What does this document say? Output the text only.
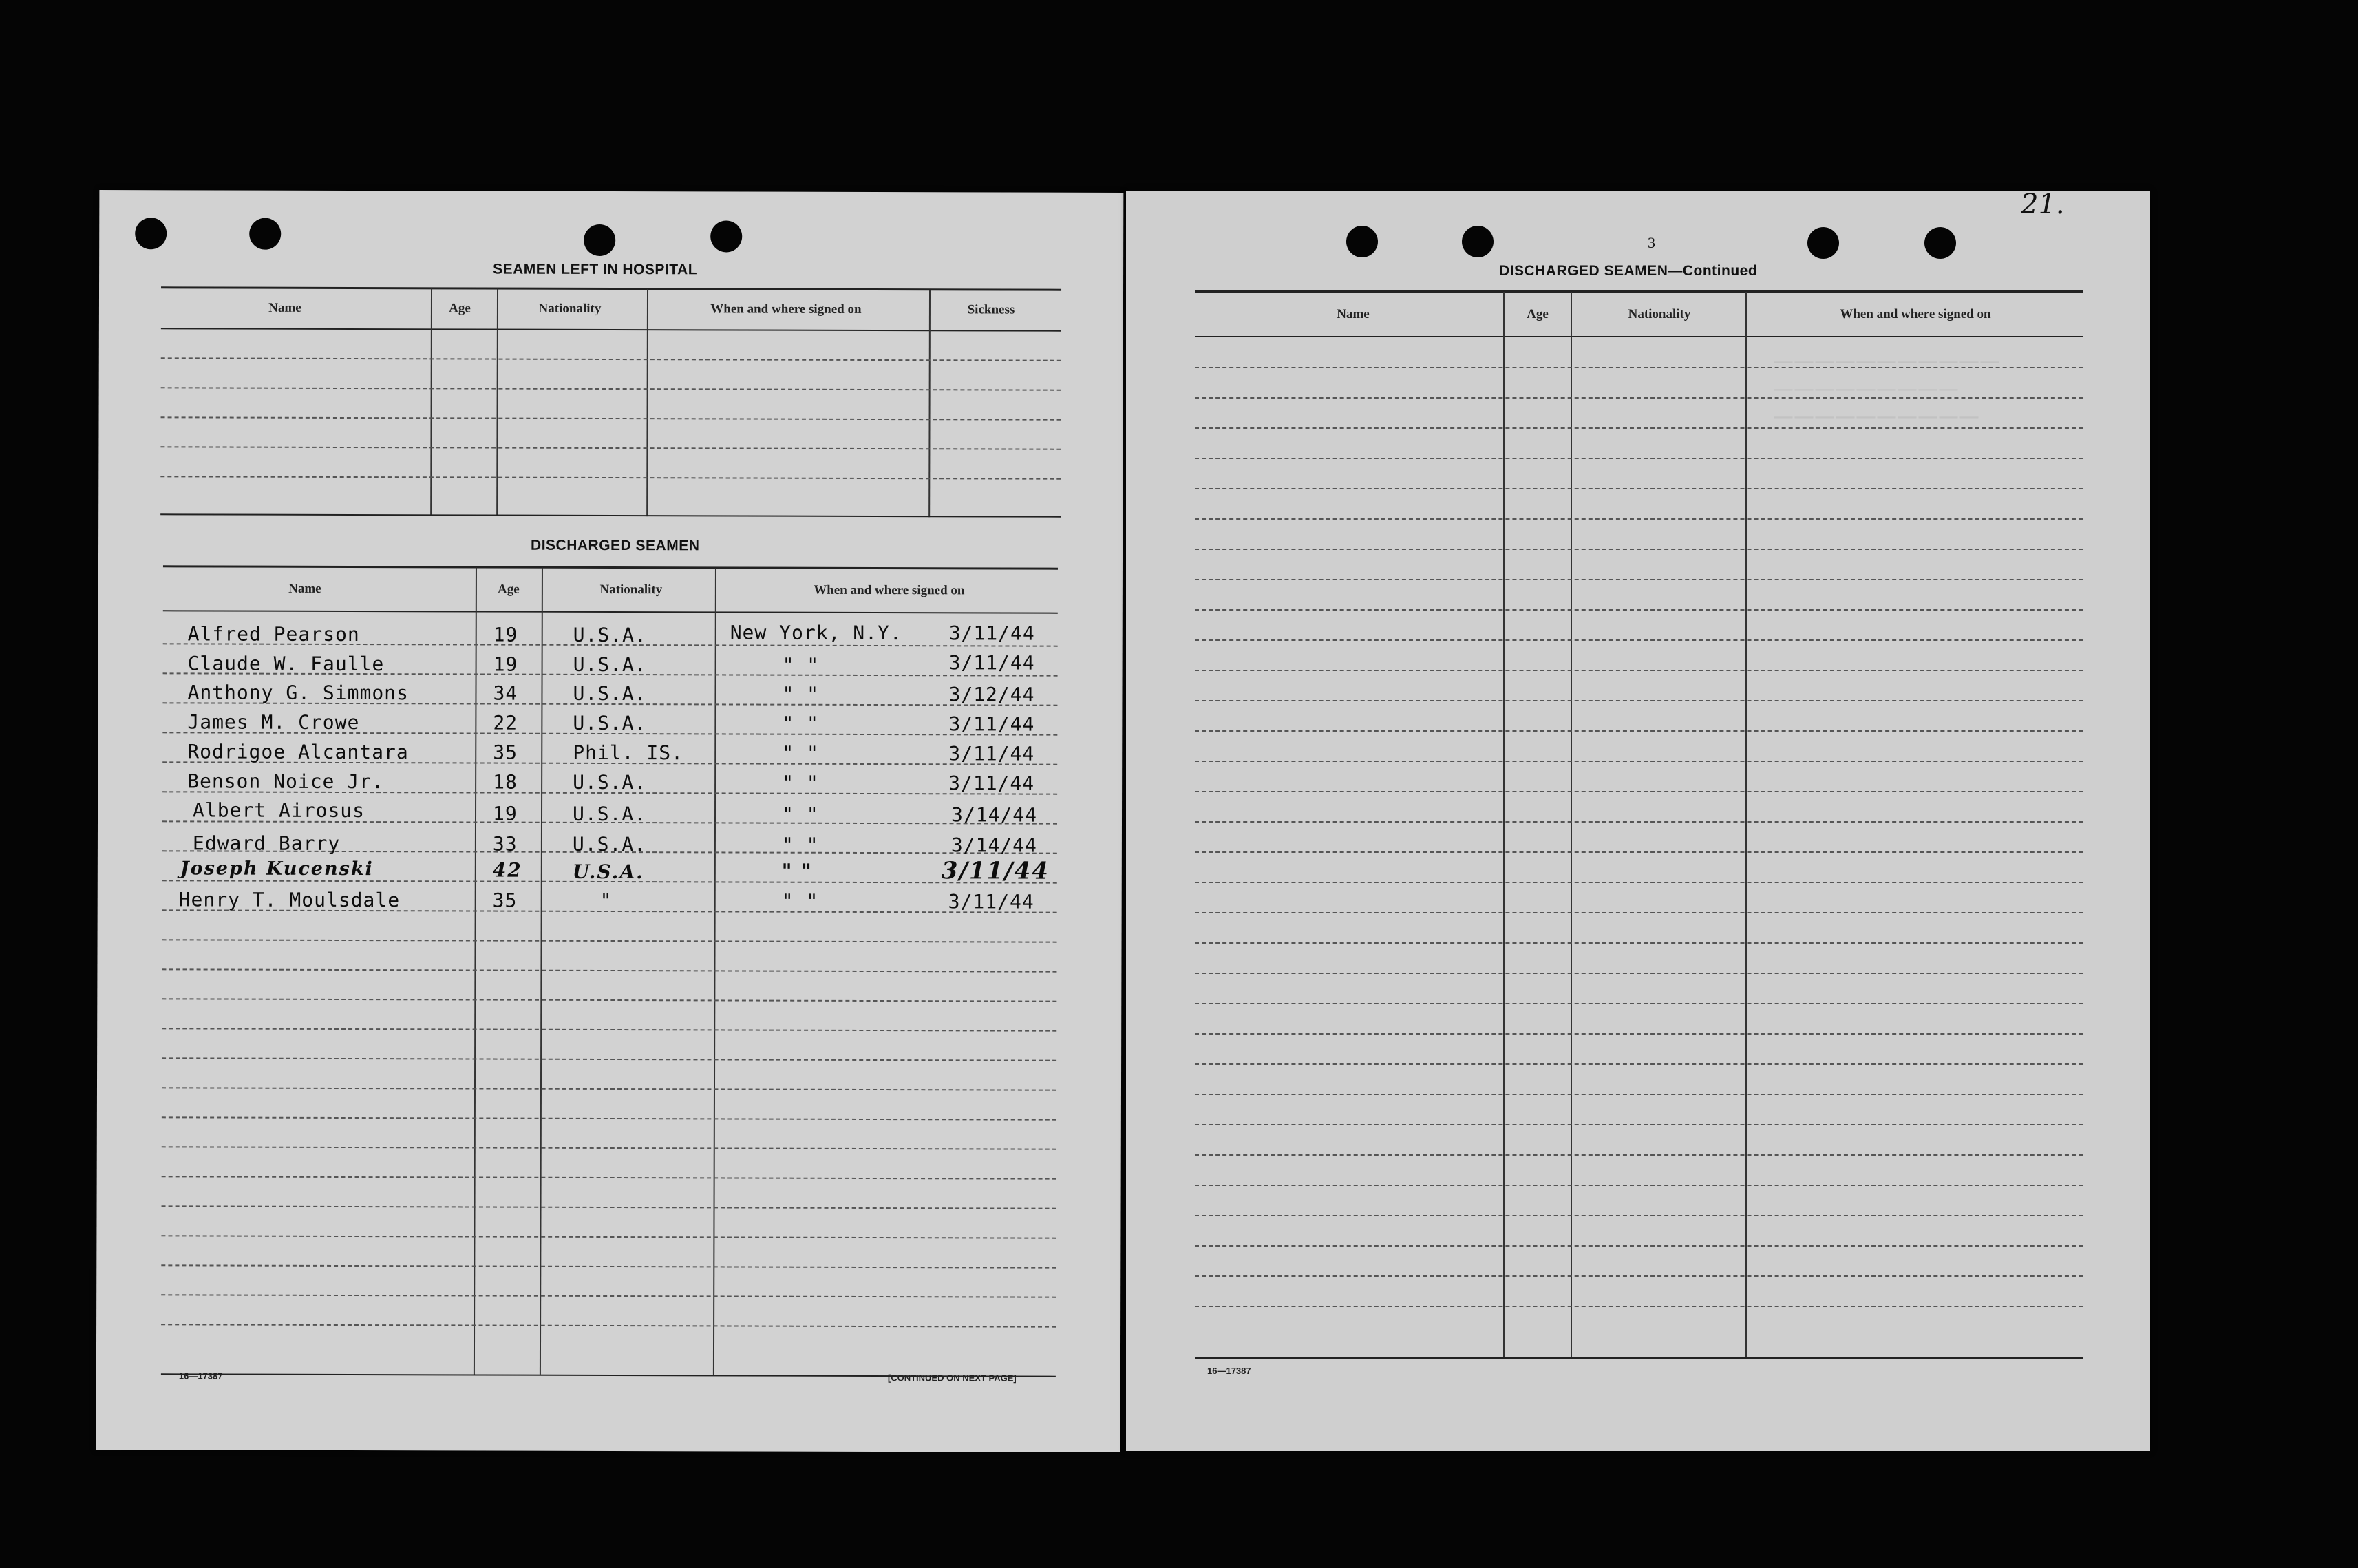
SEAMEN LEFT IN HOSPITAL
Name	Age	Nationality	When and where signed on	Sickness
DISCHARGED SEAMEN
Name	Age	Nationality	When and where signed on
Alfred Pearson	19	U.S.A.	New York, N.Y. 3/11/44
Claude W. Faulle	19	U.S.A.	" "	3/11/44
Anthony G. Simmons	34	U.S.A.	" "	3/12/44
James M. Crowe	22	U.S.A.	" "	3/11/44
Rodrigoe Alcantara	35	Phil. IS.	" "	3/11/44
Benson Noice Jr.	18	U.S.A.	" "	3/11/44
Albert Airosus	19	U.S.A.	" "	3/14/44
Edward Barry	33	U.S.A.	" "	3/14/44
Joseph Kucenski	42	U.S.A.	" "	3/11/44
Henry T. Moulsdale	35	"	" "	3/11/44
16—17387	[CONTINUED ON NEXT PAGE]
21.
3
DISCHARGED SEAMEN—Continued
———————————
—————————
——————————
Name	Age	Nationality	When and where signed on
16—17387
